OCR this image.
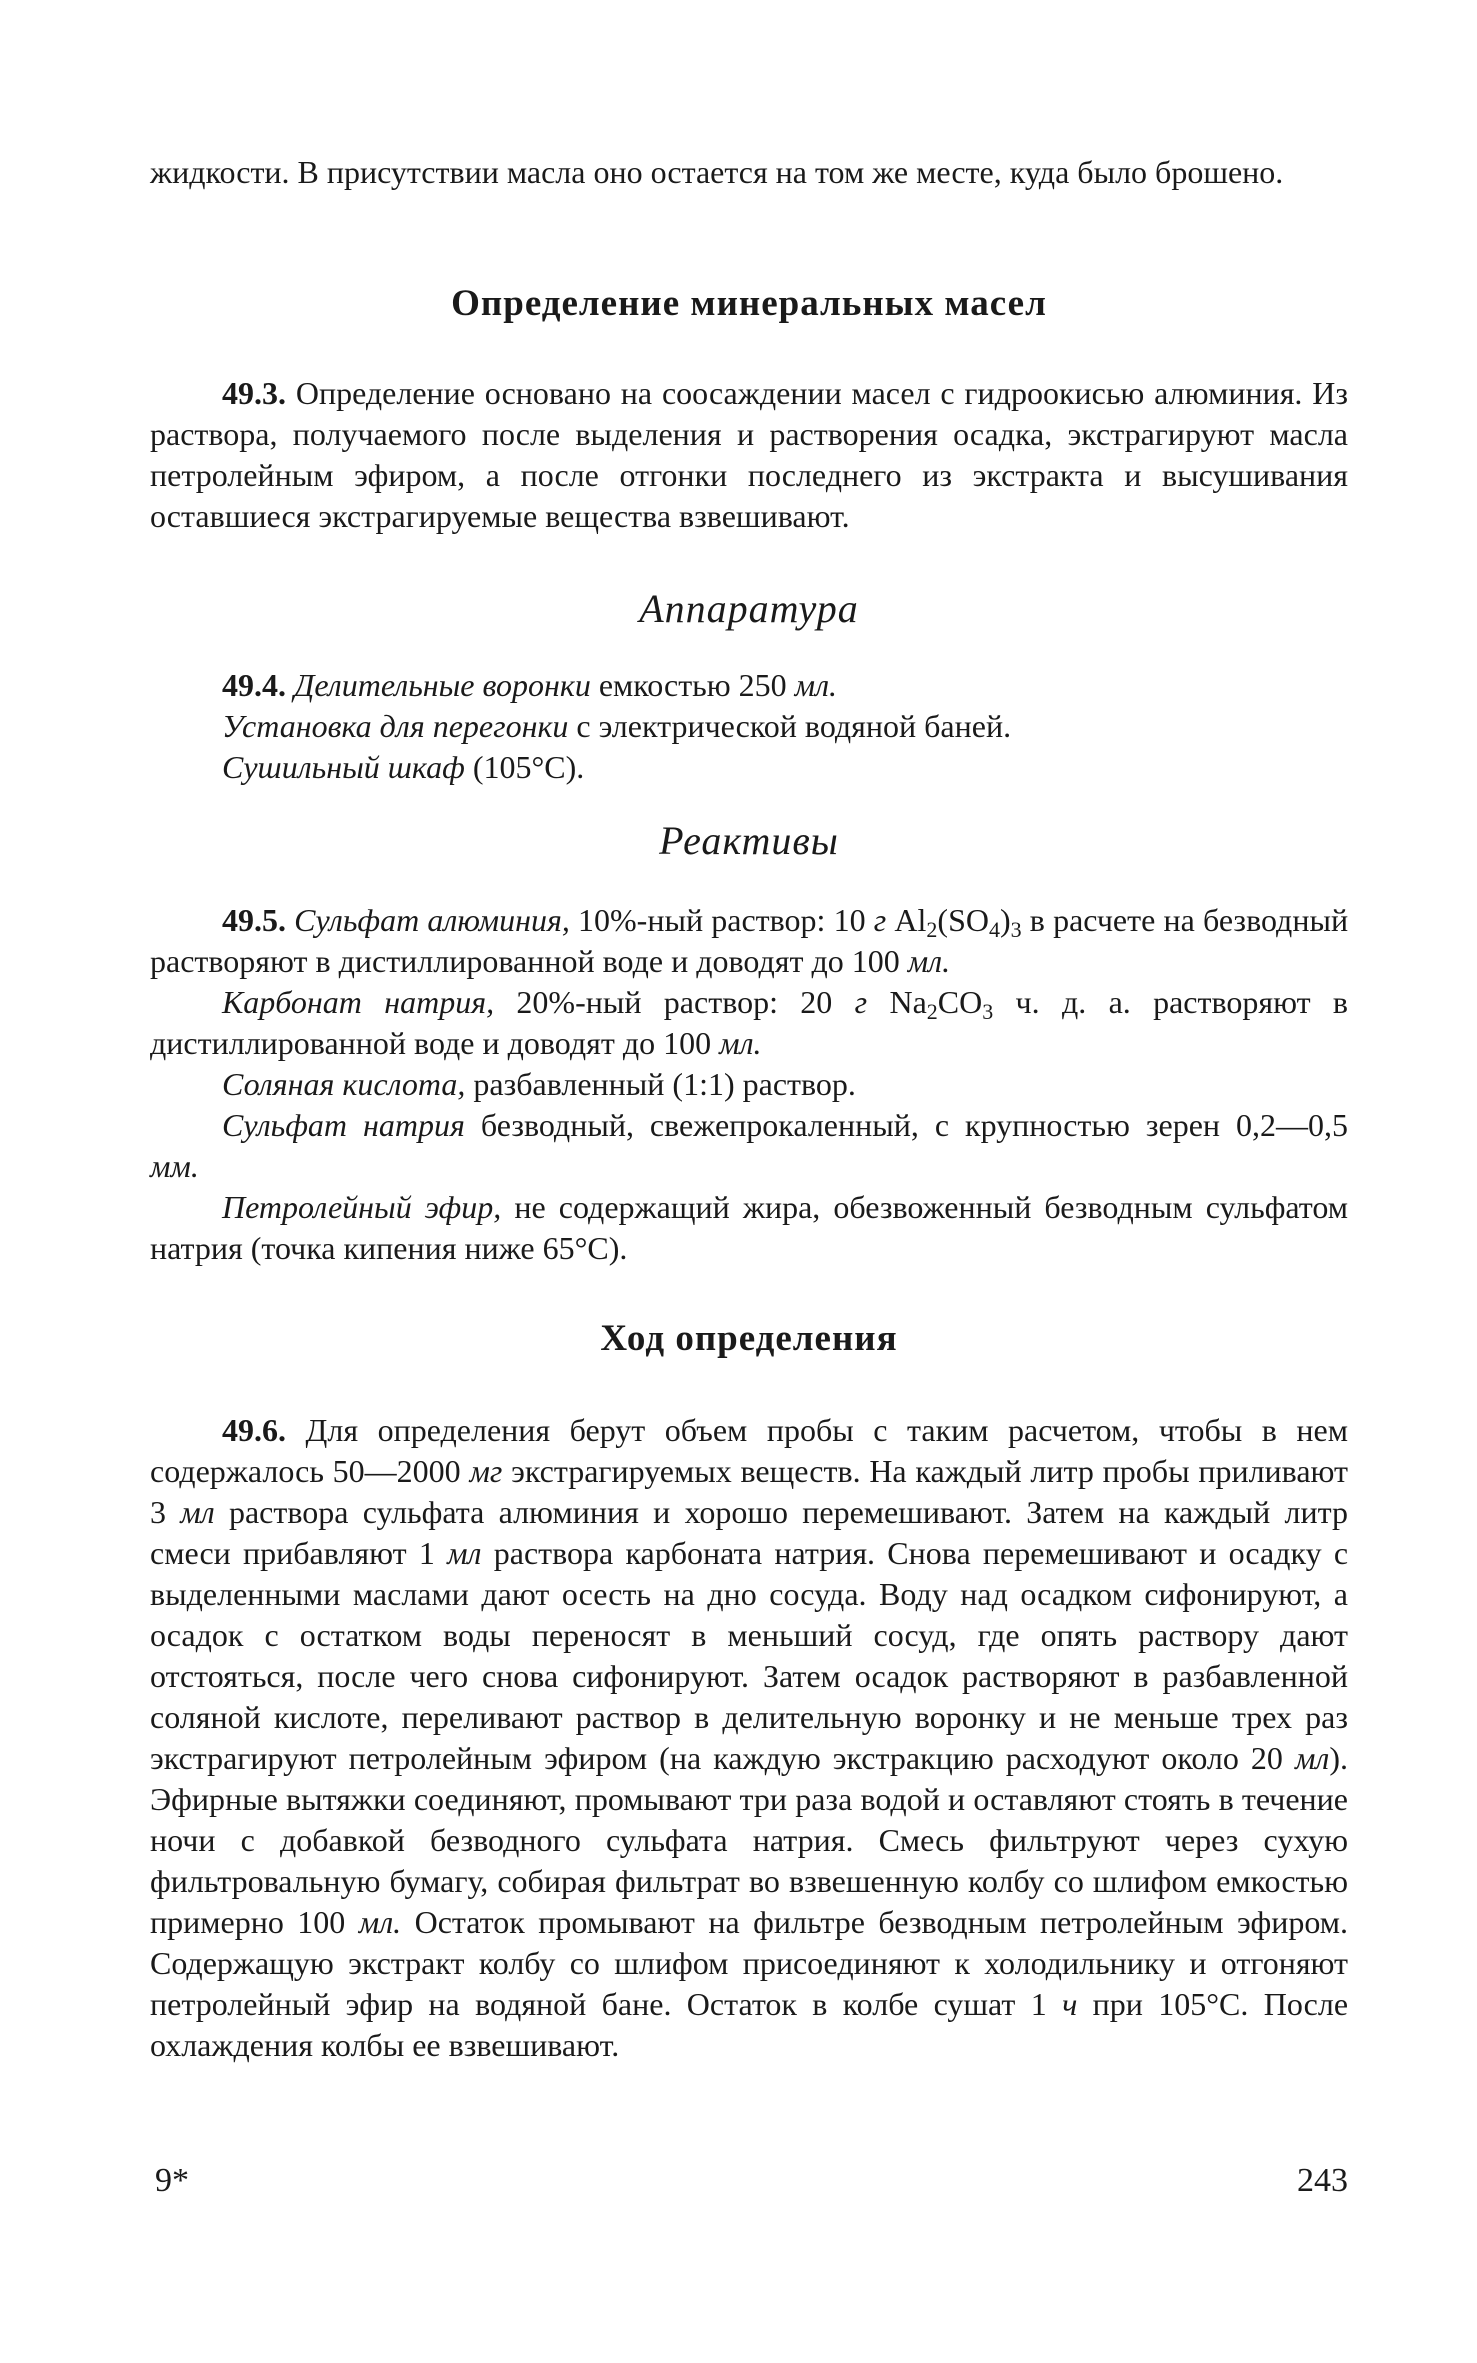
жидкости. В присутствии масла оно остается на том же месте, куда было брошено.

Определение минеральных масел

49.3. Определение основано на соосаждении масел с гидроокисью алюминия. Из раствора, получаемого после выделения и растворения осадка, экстрагируют масла петролейным эфиром, а после отгонки последнего из экстракта и высушивания оставшиеся экстрагируемые вещества взвешивают.

Аппаратура

49.4. Делительные воронки емкостью 250 мл.

Установка для перегонки с электрической водяной баней.

Сушильный шкаф (105°C).

Реактивы

49.5. Сульфат алюминия, 10%-ный раствор: 10 г $Al_2(SO_4)_3$ в расчете на безводный растворяют в дистиллированной воде и доводят до 100 мл.

Карбонат натрия, 20%-ный раствор: 20 г $Na_2CO_3$ ч. д. а. растворяют в дистиллированной воде и доводят до 100 мл.

Соляная кислота, разбавленный (1:1) раствор.

Сульфат натрия безводный, свежепрокаленный, с крупностью зерен 0,2—0,5 мм.

Петролейный эфир, не содержащий жира, обезвоженный безводным сульфатом натрия (точка кипения ниже 65°C).

Ход определения

49.6. Для определения берут объем пробы с таким расчетом, чтобы в нем содержалось 50—2000 мг экстрагируемых веществ. На каждый литр пробы приливают 3 мл раствора сульфата алюминия и хорошо перемешивают. Затем на каждый литр смеси прибавляют 1 мл раствора карбоната натрия. Снова перемешивают и осадку с выделенными маслами дают осесть на дно сосуда. Воду над осадком сифонируют, а осадок с остатком воды переносят в меньший сосуд, где опять раствору дают отстояться, после чего снова сифонируют. Затем осадок растворяют в разбавленной соляной кислоте, переливают раствор в делительную воронку и не меньше трех раз экстрагируют петролейным эфиром (на каждую экстракцию расходуют около 20 мл). Эфирные вытяжки соединяют, промывают три раза водой и оставляют стоять в течение ночи с добавкой безводного сульфата натрия. Смесь фильтруют через сухую фильтровальную бумагу, собирая фильтрат во взвешенную колбу со шлифом емкостью примерно 100 мл. Остаток промывают на фильтре безводным петролейным эфиром. Содержащую экстракт колбу со шлифом присоединяют к холодильнику и отгоняют петролейный эфир на водяной бане. Остаток в колбе сушат 1 ч при 105°C. После охлаждения колбы ее взвешивают.

9*	243
